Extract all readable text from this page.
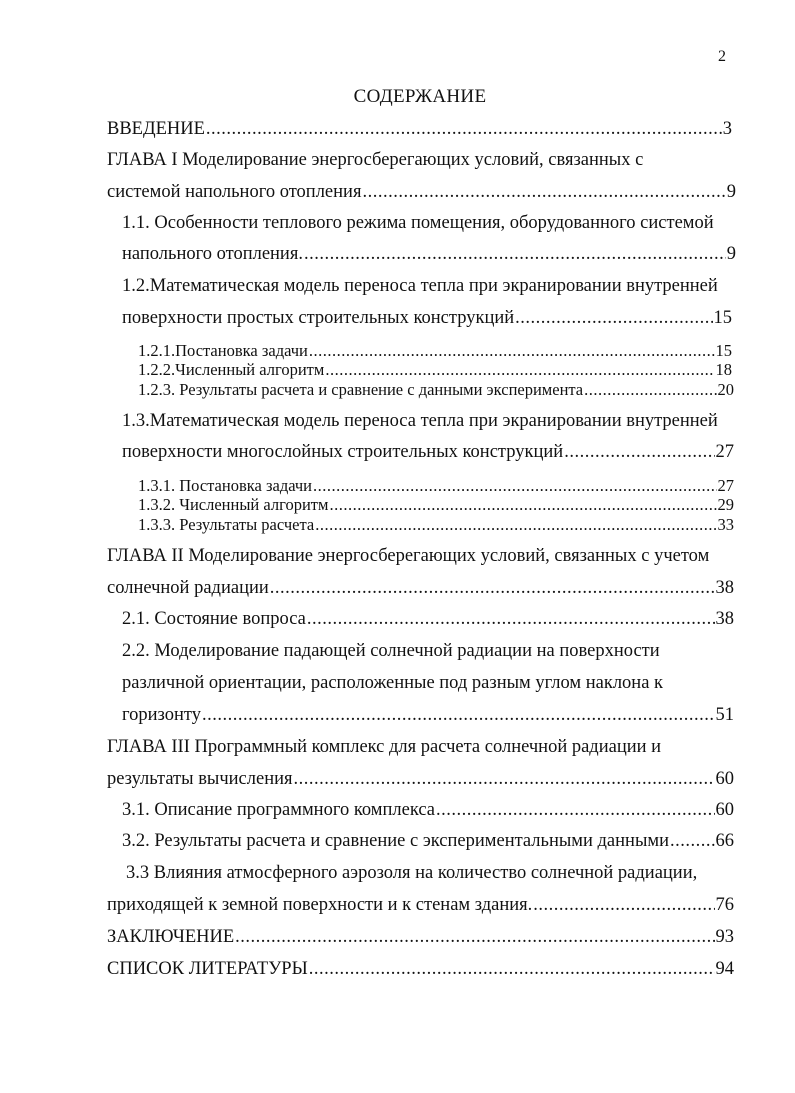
2
СОДЕРЖАНИЕ
ВВЕДЕНИЕ .....	3
ГЛАВА I Моделирование энергосберегающих условий, связанных с
системой напольного отопления .....	9
1.1. Особенности теплового режима помещения, оборудованного системой
напольного отопления. .....	9
1.2.Математическая модель переноса тепла при экранировании внутренней
поверхности простых строительных конструкций .....	15
1.2.1.Постановка задачи .....	15
1.2.2.Численный алгоритм .....	18
1.2.3. Результаты расчета и сравнение с данными эксперимента .....	20
1.3.Математическая модель переноса тепла при экранировании внутренней
поверхности многослойных строительных конструкций .....	27
1.3.1. Постановка задачи .....	27
1.3.2. Численный алгоритм .....	29
1.3.3. Результаты расчета .....	33
ГЛАВА II Моделирование энергосберегающих условий, связанных с учетом
солнечной радиации .....	38
2.1. Состояние вопроса .....	38
2.2. Моделирование падающей солнечной радиации на поверхности
различной ориентации, расположенные под разным углом наклона к
горизонту .....	51
ГЛАВА III Программный комплекс для расчета солнечной радиации и
результаты вычисления .....	60
3.1. Описание программного комплекса .....	60
3.2. Результаты расчета и сравнение с экспериментальными данными .....	66
3.3 Влияния атмосферного аэрозоля на количество солнечной радиации,
приходящей к земной поверхности и к стенам здания. .....	76
ЗАКЛЮЧЕНИЕ .....	93
СПИСОК ЛИТЕРАТУРЫ .....	94
